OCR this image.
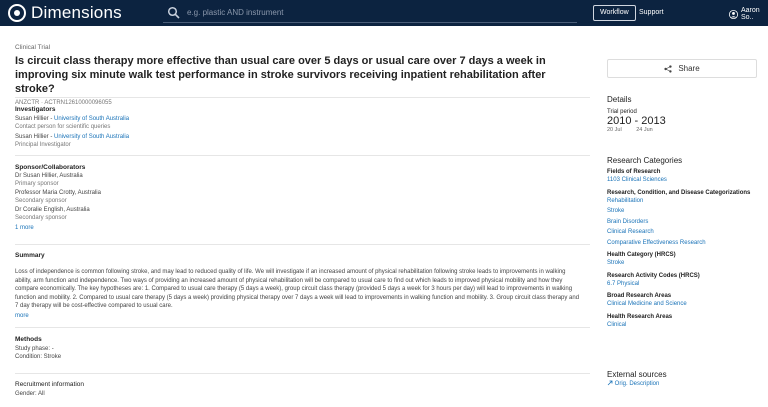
Dimensions
e.g. plastic AND instrument	Workflow	Support	Aaron So..
Clinical Trial
Is circuit class therapy more effective than usual care over 5 days or usual care over 7 days a week in improving six minute walk test performance in stroke survivors receiving inpatient rehabilitation after stroke?
ANZCTR · ACTRN12610000096055
Investigators
Susan Hillier - University of South Australia
Contact person for scientific queries
Susan Hillier - University of South Australia
Principal Investigator
Sponsor/Collaborators
Dr Susan Hillier, Australia
Primary sponsor
Professor Maria Crotty, Australia
Secondary sponsor
Dr Coralie English, Australia
Secondary sponsor
1 more
Summary
Loss of independence is common following stroke, and may lead to reduced quality of life. We will investigate if an increased amount of physical rehabilitation following stroke leads to improvements in walking ability, arm function and independence. Two ways of providing an increased amount of physical rehabilitation will be compared to usual care to find out which leads to improved physical mobility and how they compare economically. The key hypotheses are: 1. Compared to usual care therapy (5 days a week), group circuit class therapy (provided 5 days a week for 3 hours per day) will lead to improvements in walking function and mobility. 2. Compared to usual care therapy (5 days a week) providing physical therapy over 7 days a week will lead to improvements in walking function and mobility. 3. Group circuit class therapy and 7 day therapy will be cost-effective compared to usual care.
more
Methods
Study phase: -
Condition: Stroke
Recruitment information
Gender: All
Share
Details
Trial period
2010 - 2013
20 Jul	24 Jun
Research Categories
Fields of Research
1103 Clinical Sciences
Research, Condition, and Disease Categorizations
Rehabilitation
Stroke
Brain Disorders
Clinical Research
Comparative Effectiveness Research
Health Category (HRCS)
Stroke
Research Activity Codes (HRCS)
6.7 Physical
Broad Research Areas
Clinical Medicine and Science
Health Research Areas
Clinical
External sources
Orig. Description
